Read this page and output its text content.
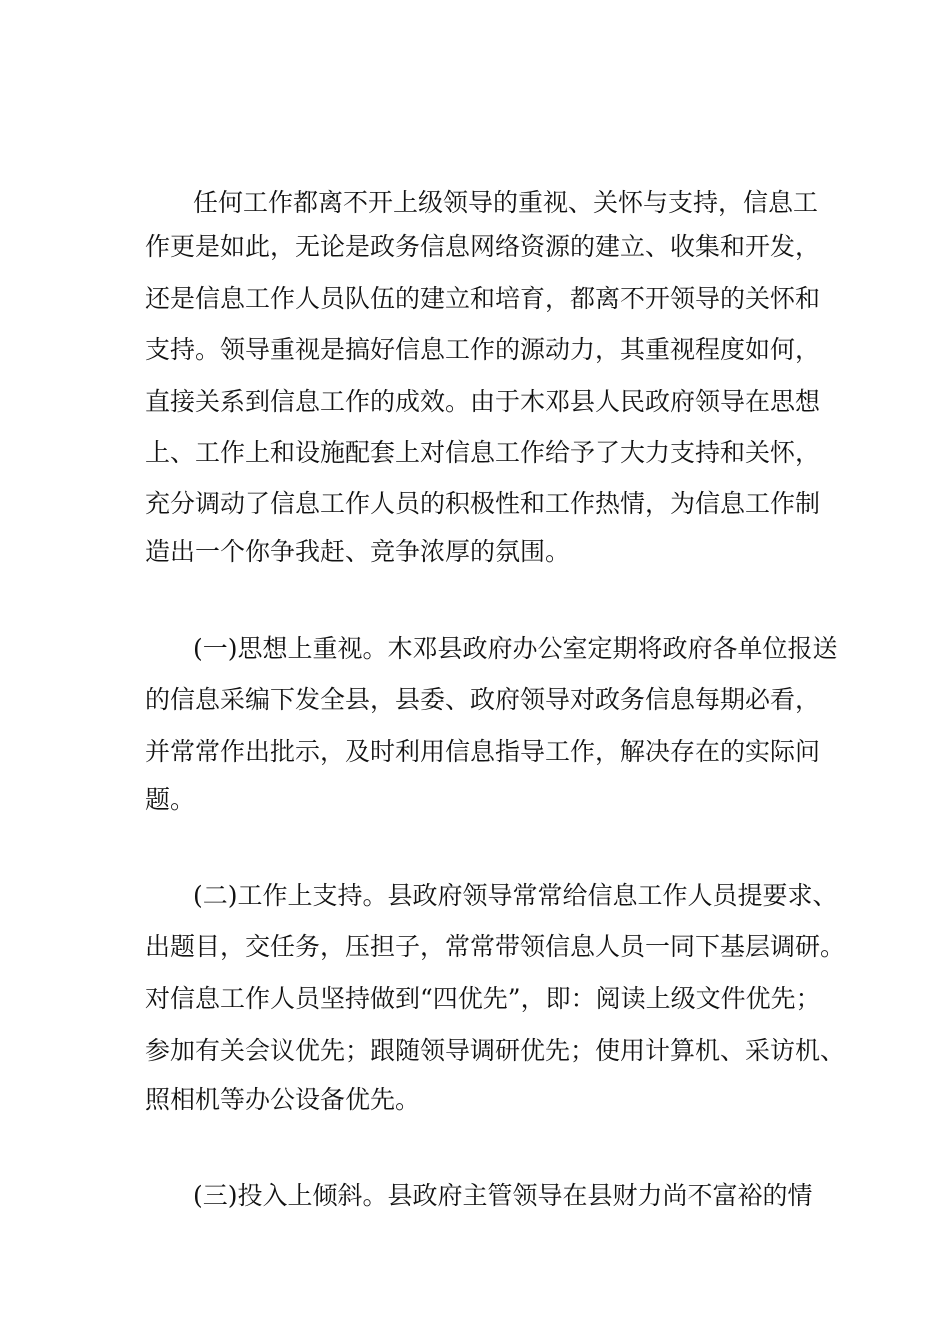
任何工作都离不开上级领导的重视、关怀与支持，信息工
作更是如此，无论是政务信息网络资源的建立、收集和开发，
还是信息工作人员队伍的建立和培育，都离不开领导的关怀和
支持。领导重视是搞好信息工作的源动力，其重视程度如何，
直接关系到信息工作的成效。由于木邓县人民政府领导在思想
上、工作上和设施配套上对信息工作给予了大力支持和关怀，
充分调动了信息工作人员的积极性和工作热情，为信息工作制
造出一个你争我赶、竞争浓厚的氛围。
(一)思想上重视。木邓县政府办公室定期将政府各单位报送
的信息采编下发全县，县委、政府领导对政务信息每期必看，
并常常作出批示，及时利用信息指导工作，解决存在的实际问
题。
(二)工作上支持。县政府领导常常给信息工作人员提要求、
出题目，交任务，压担子，常常带领信息人员一同下基层调研。
对信息工作人员坚持做到“四优先”，即：阅读上级文件优先；
参加有关会议优先；跟随领导调研优先；使用计算机、采访机、
照相机等办公设备优先。
(三)投入上倾斜。县政府主管领导在县财力尚不富裕的情
